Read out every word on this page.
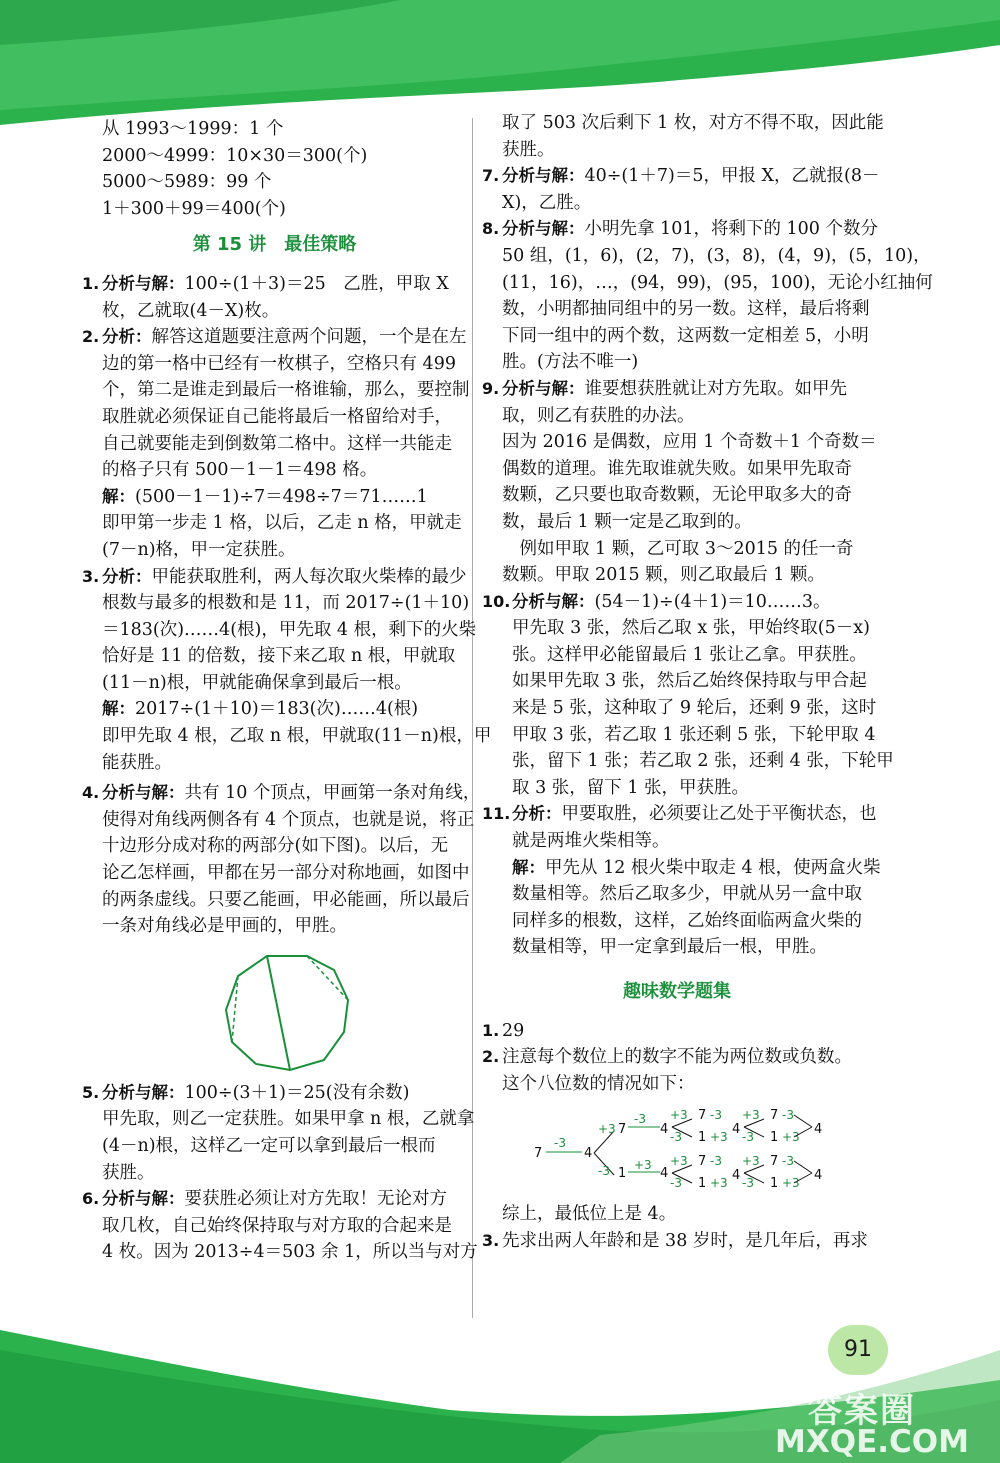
从 1993～1999：1 个
2000～4999：10×30＝300(个)
5000～5989：99 个
1＋300＋99＝400(个)
第 15 讲　最佳策略
1. 分析与解：100÷(1＋3)＝25　乙胜，甲取 X
枚，乙就取(4－X)枚。
2. 分析：解答这道题要注意两个问题，一个是在左
边的第一格中已经有一枚棋子，空格只有 499
个，第二是谁走到最后一格谁输，那么，要控制
取胜就必须保证自己能将最后一格留给对手，
自己就要能走到倒数第二格中。这样一共能走
的格子只有 500－1－1＝498 格。
解：(500－1－1)÷7＝498÷7＝71……1
即甲第一步走 1 格，以后，乙走 n 格，甲就走
(7－n)格，甲一定获胜。
3. 分析：甲能获取胜利，两人每次取火柴棒的最少
根数与最多的根数和是 11，而 2017÷(1＋10)
＝183(次)……4(根)，甲先取 4 根，剩下的火柴
恰好是 11 的倍数，接下来乙取 n 根，甲就取
(11－n)根，甲就能确保拿到最后一根。
解：2017÷(1＋10)＝183(次)……4(根)
即甲先取 4 根，乙取 n 根，甲就取(11－n)根，甲
能获胜。
4. 分析与解：共有 10 个顶点，甲画第一条对角线，
使得对角线两侧各有 4 个顶点，也就是说，将正
十边形分成对称的两部分(如下图)。以后，无
论乙怎样画，甲都在另一部分对称地画，如图中
的两条虚线。只要乙能画，甲必能画，所以最后
一条对角线必是甲画的，甲胜。
5. 分析与解：100÷(3＋1)＝25(没有余数)
甲先取，则乙一定获胜。如果甲拿 n 根，乙就拿
(4－n)根，这样乙一定可以拿到最后一根而
获胜。
6. 分析与解：要获胜必须让对方先取！无论对方
取几枚，自己始终保持取与对方取的合起来是
4 枚。因为 2013÷4＝503 余 1，所以当与对方
取了 503 次后剩下 1 枚，对方不得不取，因此能
获胜。
7. 分析与解：40÷(1＋7)＝5，甲报 X，乙就报(8－
X)，乙胜。
8. 分析与解：小明先拿 101，将剩下的 100 个数分
50 组，(1，6)，(2，7)，(3，8)，(4，9)，(5，10)，
(11，16)，…，(94，99)，(95，100)，无论小红抽何
数，小明都抽同组中的另一数。这样，最后将剩
下同一组中的两个数，这两数一定相差 5，小明
胜。(方法不唯一)
9. 分析与解：谁要想获胜就让对方先取。如甲先
取，则乙有获胜的办法。
因为 2016 是偶数，应用 1 个奇数＋1 个奇数＝
偶数的道理。谁先取谁就失败。如果甲先取奇
数颗，乙只要也取奇数颗，无论甲取多大的奇
数，最后 1 颗一定是乙取到的。
　例如甲取 1 颗，乙可取 3～2015 的任一奇
数颗。甲取 2015 颗，则乙取最后 1 颗。
10. 分析与解：(54－1)÷(4＋1)＝10……3。
甲先取 3 张，然后乙取 x 张，甲始终取(5－x)
张。这样甲必能留最后 1 张让乙拿。甲获胜。
如果甲先取 3 张，然后乙始终保持取与甲合起
来是 5 张，这种取了 9 轮后，还剩 9 张，这时
甲取 3 张，若乙取 1 张还剩 5 张，下轮甲取 4
张，留下 1 张；若乙取 2 张，还剩 4 张，下轮甲
取 3 张，留下 1 张，甲获胜。
11. 分析：甲要取胜，必须要让乙处于平衡状态，也
就是两堆火柴相等。
解：甲先从 12 根火柴中取走 4 根，使两盒火柴
数量相等。然后乙取多少，甲就从另一盒中取
同样多的根数，这样，乙始终面临两盒火柴的
数量相等，甲一定拿到最后一根，甲胜。
趣味数学题集
1. 29
2. 注意每个数位上的数字不能为两位数或负数。
这个八位数的情况如下：
7
-3
4
+3
-3
7
-3
4
1
+3
4
+3
-3
7
1
-3
+3 4
+3
-3
7
1
-3
+3 4
+3
-3
7
1
-3
+3 4
+3
-3
7
1
-3
+3 4
综上，最低位上是 4。
3. 先求出两人年龄和是 38 岁时，是几年后，再求
91
答案圈
MXQE.COM
